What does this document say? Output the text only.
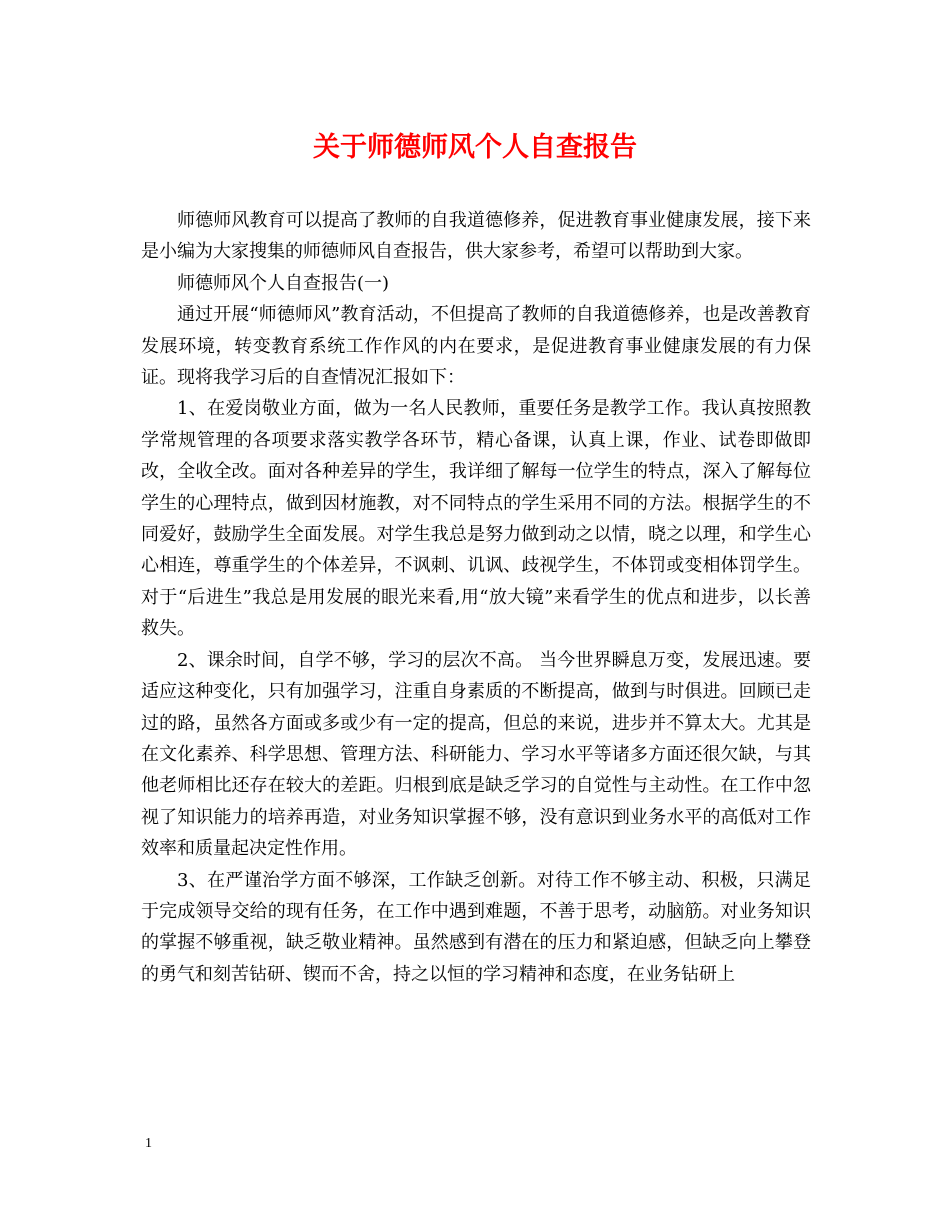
关于师德师风个人自查报告

师德师风教育可以提高了教师的自我道德修养，促进教育事业健康发展，接下来是小编为大家搜集的师德师风自查报告，供大家参考，希望可以帮助到大家。

师德师风个人自查报告(一)

通过开展“师德师风”教育活动，不但提高了教师的自我道德修养，也是改善教育发展环境，转变教育系统工作作风的内在要求，是促进教育事业健康发展的有力保证。现将我学习后的自查情况汇报如下：

1、在爱岗敬业方面，做为一名人民教师，重要任务是教学工作。我认真按照教学常规管理的各项要求落实教学各环节，精心备课，认真上课，作业、试卷即做即改，全收全改。面对各种差异的学生，我详细了解每一位学生的特点，深入了解每位学生的心理特点，做到因材施教，对不同特点的学生采用不同的方法。根据学生的不同爱好，鼓励学生全面发展。对学生我总是努力做到动之以情，晓之以理，和学生心心相连，尊重学生的个体差异，不讽刺、讥讽、歧视学生，不体罚或变相体罚学生。对于“后进生”我总是用发展的眼光来看,用“放大镜”来看学生的优点和进步，以长善救失。

2、课余时间，自学不够，学习的层次不高。 当今世界瞬息万变，发展迅速。要适应这种变化，只有加强学习，注重自身素质的不断提高，做到与时俱进。回顾已走过的路，虽然各方面或多或少有一定的提高，但总的来说，进步并不算太大。尤其是在文化素养、科学思想、管理方法、科研能力、学习水平等诸多方面还很欠缺，与其他老师相比还存在较大的差距。归根到底是缺乏学习的自觉性与主动性。在工作中忽视了知识能力的培养再造，对业务知识掌握不够，没有意识到业务水平的高低对工作效率和质量起决定性作用。

3、在严谨治学方面不够深，工作缺乏创新。对待工作不够主动、积极，只满足于完成领导交给的现有任务，在工作中遇到难题，不善于思考，动脑筋。对业务知识的掌握不够重视，缺乏敬业精神。虽然感到有潜在的压力和紧迫感，但缺乏向上攀登的勇气和刻苦钻研、锲而不舍，持之以恒的学习精神和态度，在业务钻研上

1
